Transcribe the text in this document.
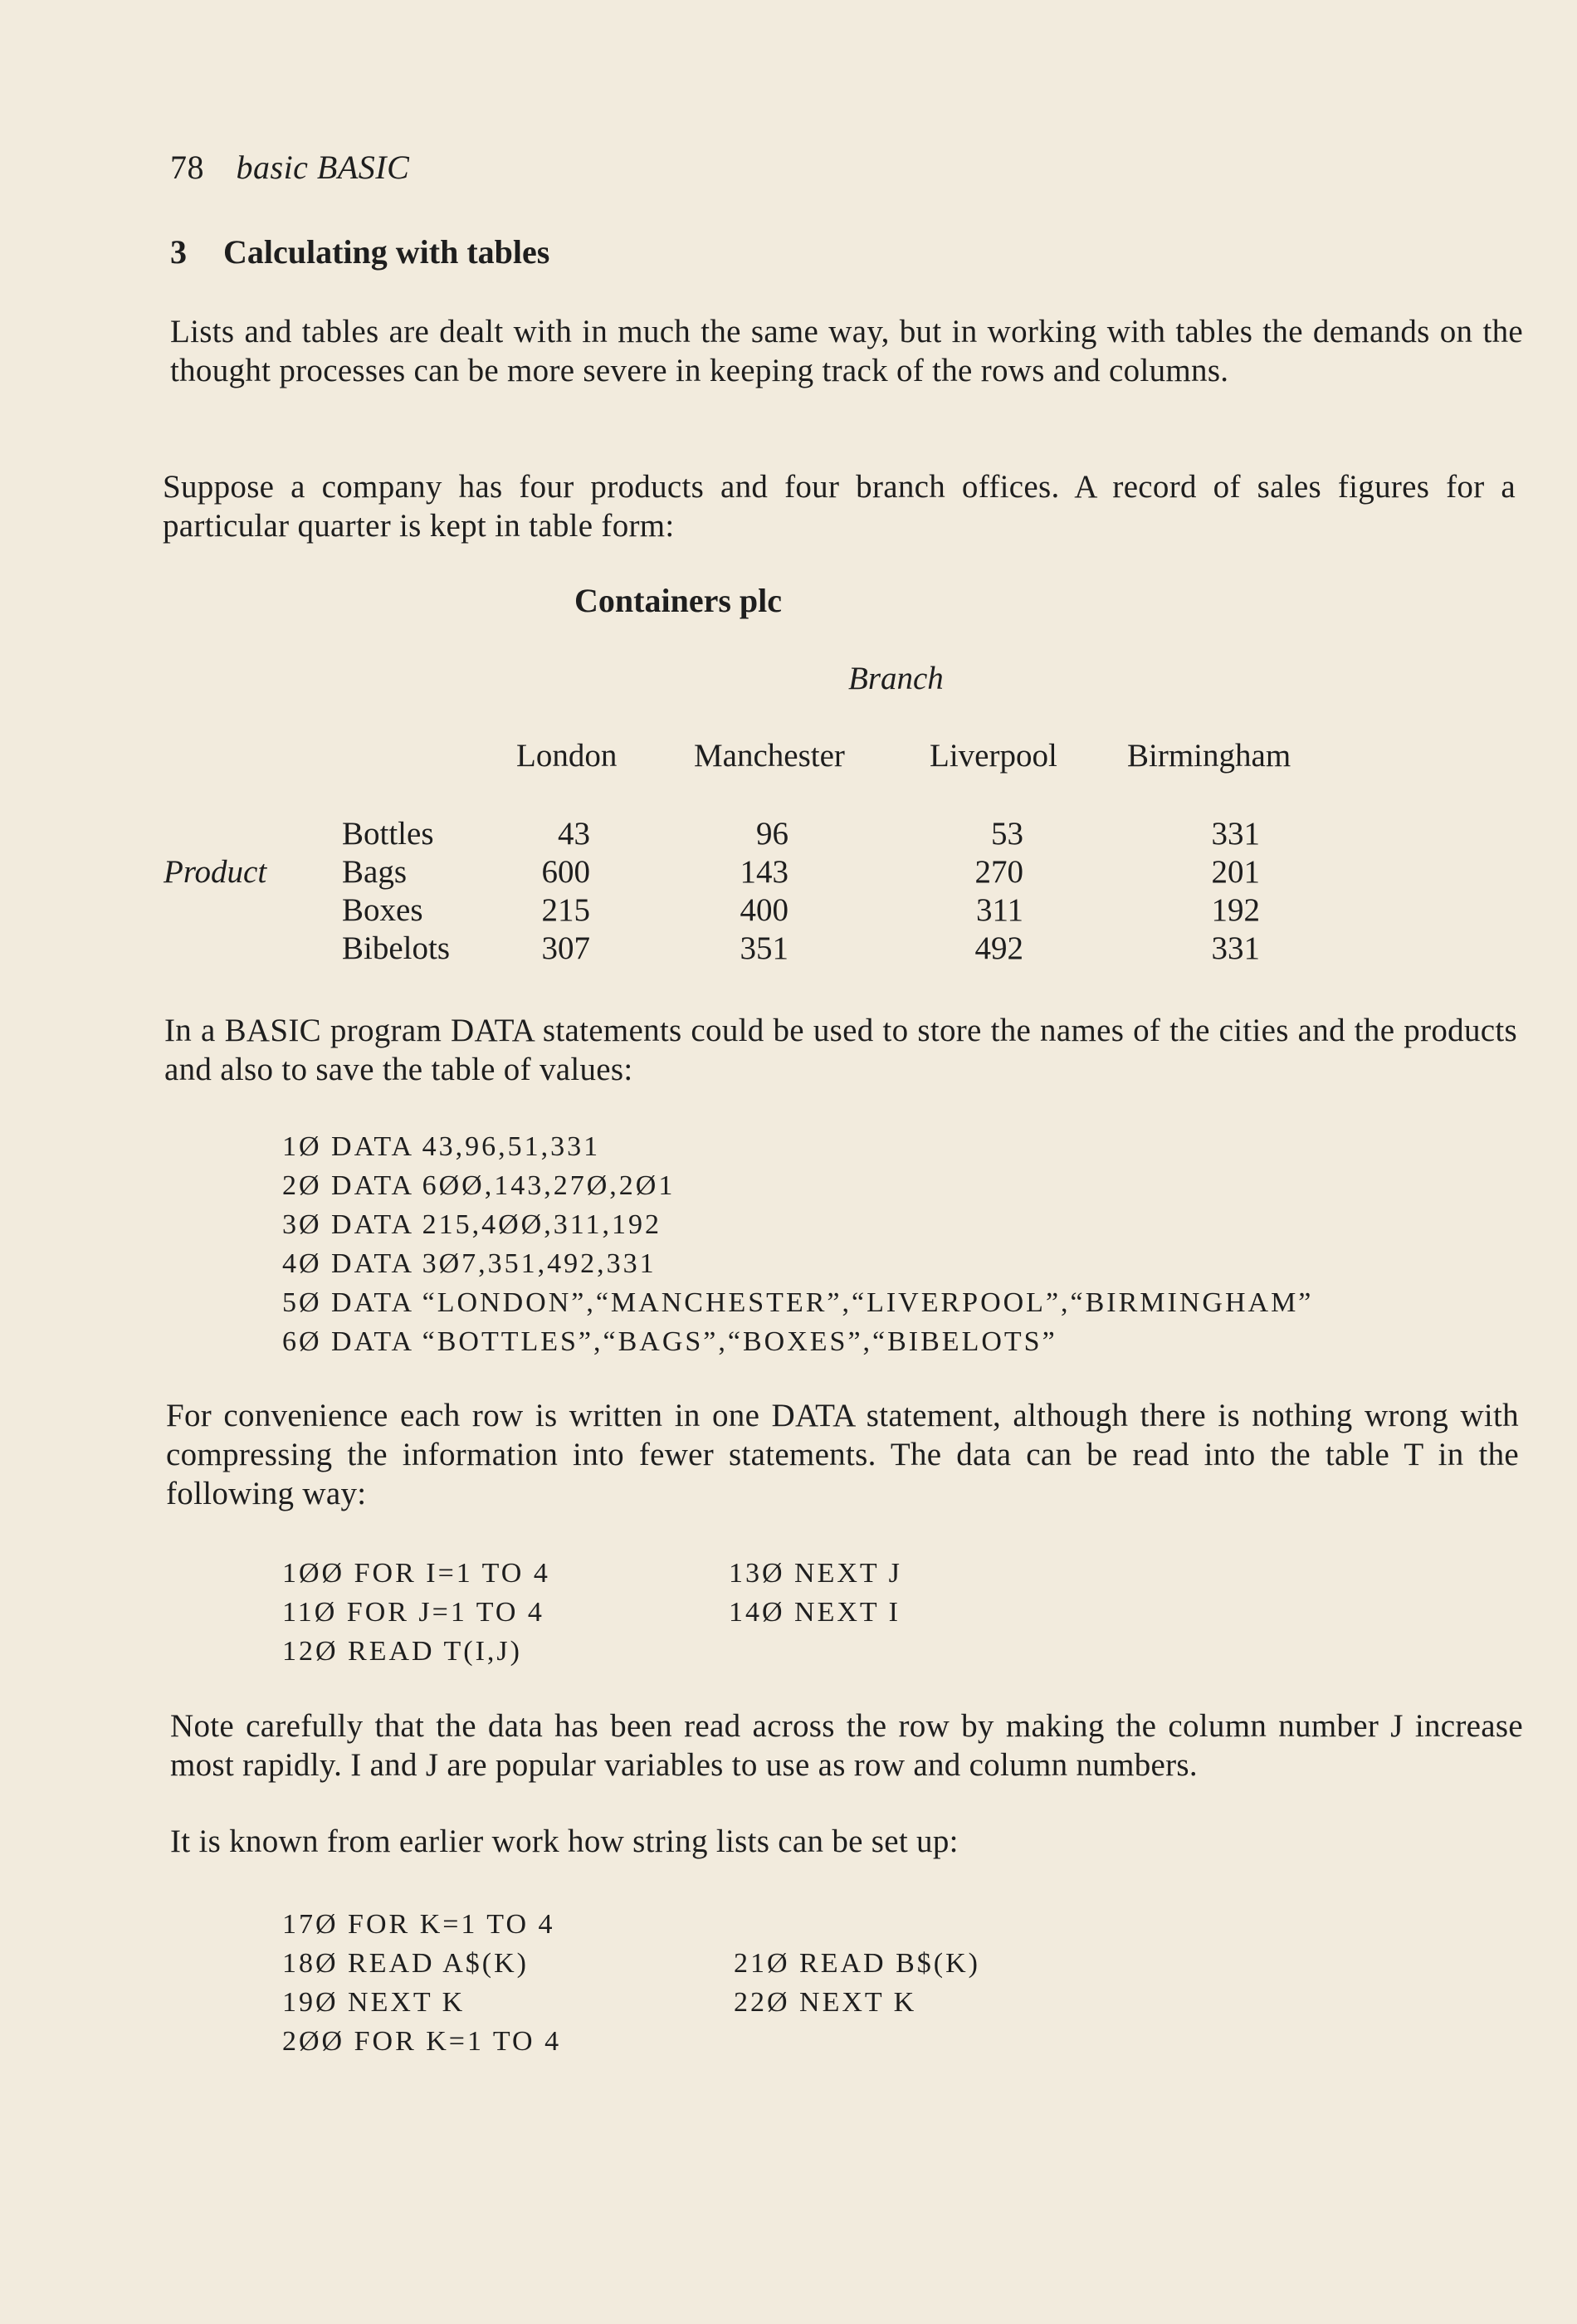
78 basic BASIC
3 Calculating with tables
Lists and tables are dealt with in much the same way, but in working with tables the demands on the thought processes can be more severe in keeping track of the rows and columns.
Suppose a company has four products and four branch offices. A record of sales figures for a particular quarter is kept in table form:
Containers plc
Branch
London Manchester	Liverpool Birmingham
Product
Bottles	43	96	53	331
Bags	600	143	270	201
Boxes	215	400	311	192
Bibelots	307	351	492	331
In a BASIC program DATA statements could be used to store the names of the cities and the products and also to save the table of values:
1Ø DATA 43,96,51,331
2Ø DATA 6ØØ,143,27Ø,2Ø1
3Ø DATA 215,4ØØ,311,192
4Ø DATA 3Ø7,351,492,331
5Ø DATA “LONDON”,“MANCHESTER”,“LIVERPOOL”,“BIRMINGHAM”
6Ø DATA “BOTTLES”,“BAGS”,“BOXES”,“BIBELOTS”
For convenience each row is written in one DATA statement, although there is nothing wrong with compressing the information into fewer statements. The data can be read into the table T in the following way:
1ØØ FOR I=1 TO 4
11Ø FOR J=1 TO 4
12Ø READ T(I,J)
13Ø NEXT J
14Ø NEXT I
Note carefully that the data has been read across the row by making the column number J increase most rapidly. I and J are popular variables to use as row and column numbers.
It is known from earlier work how string lists can be set up:
17Ø FOR K=1 TO 4
18Ø READ A$(K)
19Ø NEXT K
2ØØ FOR K=1 TO 4
21Ø READ B$(K)
22Ø NEXT K
